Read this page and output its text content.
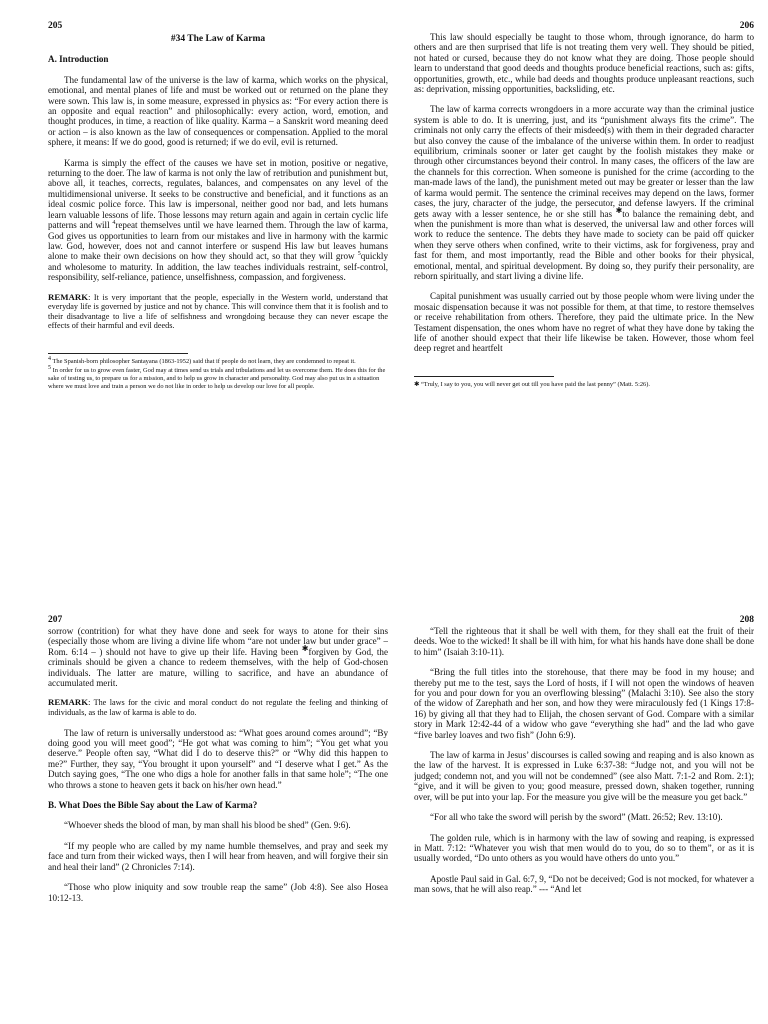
205
#34 The Law of Karma
A. Introduction

The fundamental law of the universe is the law of karma, which works on the physical, emotional, and mental planes of life and must be worked out or returned on the plane they were sown. This law is, in some measure, expressed in physics as: “For every action there is an opposite and equal reaction” and philosophically: every action, word, emotion, and thought produces, in time, a reaction of like quality. Karma – a Sanskrit word meaning deed or action – is also known as the law of consequences or compensation. Applied to the moral sphere, it means: If we do good, good is returned; if we do evil, evil is returned.

Karma is simply the effect of the causes we have set in motion, positive or negative, returning to the doer. The law of karma is not only the law of retribution and punishment but, above all, it teaches, corrects, regulates, balances, and compensates on any level of the multidimensional universe. It seeks to be constructive and beneficial, and it functions as an ideal cosmic police force. This law is impersonal, neither good nor bad, and lets humans learn valuable lessons of life. Those lessons may return again and again in certain cyclic life patterns and will $^4$repeat themselves until we have learned them. Through the law of karma, God gives us opportunities to learn from our mistakes and live in harmony with the karmic law. God, however, does not and cannot interfere or suspend His law but leaves humans alone to make their own decisions on how they should act, so that they will grow $^5$quickly and wholesome to maturity. In addition, the law teaches individuals restraint, self-control, responsibility, self-reliance, patience, unselfishness, compassion, and forgiveness.

REMARK: It is very important that the people, especially in the Western world, understand that everyday life is governed by justice and not by chance. This will convince them that it is foolish and to their disadvantage to live a life of selfishness and wrongdoing because they can never escape the effects of their harmful and evil deeds.
$^4$ The Spanish-born philosopher Santayana (1863-1952) said that if people do not learn, they are condemned to repeat it.
$^5$ In order for us to grow even faster, God may at times send us trials and tribulations and let us overcome them. He does this for the sake of testing us, to prepare us for a mission, and to help us grow in character and personality. God may also put us in a situation where we must love and train a person we do not like in order to help us develop our love for all people.
206

This law should especially be taught to those whom, through ignorance, do harm to others and are then surprised that life is not treating them very well. They should be pitied, not hated or cursed, because they do not know what they are doing. Those people should learn to understand that good deeds and thoughts produce beneficial reactions, such as: gifts, opportunities, growth, etc., while bad deeds and thoughts produce unpleasant reactions, such as: deprivation, missing opportunities, backsliding, etc.

The law of karma corrects wrongdoers in a more accurate way than the criminal justice system is able to do. It is unerring, just, and its “punishment always fits the crime”. The criminals not only carry the effects of their misdeed(s) with them in their degraded character but also convey the cause of the imbalance of the universe within them. In order to readjust equilibrium, criminals sooner or later get caught by the foolish mistakes they make or through other circumstances beyond their control. In many cases, the officers of the law are the channels for this correction. When someone is punished for the crime (according to the man-made laws of the land), the punishment meted out may be greater or lesser than the law of karma would permit. The sentence the criminal receives may depend on the laws, former cases, the jury, character of the judge, the persecutor, and defense lawyers. If the criminal gets away with a lesser sentence, he or she still has ✱to balance the remaining debt, and when the punishment is more than what is deserved, the universal law and other forces will work to reduce the sentence. The debts they have made to society can be paid off quicker when they serve others when confined, write to their victims, ask for forgiveness, pray and fast for them, and most importantly, read the Bible and other books for their physical, emotional, mental, and spiritual development. By doing so, they purify their personality, are reborn spiritually, and start living a divine life.

Capital punishment was usually carried out by those people whom were living under the mosaic dispensation because it was not possible for them, at that time, to restore themselves or receive rehabilitation from others. Therefore, they paid the ultimate price. In the New Testament dispensation, the ones whom have no regret of what they have done by taking the life of another should expect that their life likewise be taken. However, those whom feel deep regret and heartfelt

✱ “Truly, I say to you, you will never get out till you have paid the last penny” (Matt. 5:26).
207

sorrow (contrition) for what they have done and seek for ways to atone for their sins (especially those whom are living a divine life whom “are not under law but under grace” – Rom. 6:14 – ) should not have to give up their life. Having been ✱forgiven by God, the criminals should be given a chance to redeem themselves, with the help of God-chosen individuals. The latter are mature, willing to sacrifice, and have an abundance of accumulated merit.

REMARK: The laws for the civic and moral conduct do not regulate the feeling and thinking of individuals, as the law of karma is able to do.

The law of return is universally understood as: “What goes around comes around”; “By doing good you will meet good”; “He got what was coming to him”; “You get what you deserve.” People often say, “What did I do to deserve this?” or “Why did this happen to me?” Further, they say, “You brought it upon yourself” and “I deserve what I get.” As the Dutch saying goes, “The one who digs a hole for another falls in that same hole”; “The one who throws a stone to heaven gets it back on his/her own head.”

B. What Does the Bible Say about the Law of Karma?

“Whoever sheds the blood of man, by man shall his blood be shed” (Gen. 9:6).

“If my people who are called by my name humble themselves, and pray and seek my face and turn from their wicked ways, then I will hear from heaven, and will forgive their sin and heal their land” (2 Chronicles 7:14).

“Those who plow iniquity and sow trouble reap the same” (Job 4:8). See also Hosea 10:12-13.

208

“Tell the righteous that it shall be well with them, for they shall eat the fruit of their deeds. Woe to the wicked! It shall be ill with him, for what his hands have done shall be done to him” (Isaiah 3:10-11).

“Bring the full titles into the storehouse, that there may be food in my house; and thereby put me to the test, says the Lord of hosts, if I will not open the windows of heaven for you and pour down for you an overflowing blessing” (Malachi 3:10). See also the story of the widow of Zarephath and her son, and how they were miraculously fed (1 Kings 17:8-16) by giving all that they had to Elijah, the chosen servant of God. Compare with a similar story in Mark 12:42-44 of a widow who gave “everything she had” and the lad who gave “five barley loaves and two fish” (John 6:9).

The law of karma in Jesus’ discourses is called sowing and reaping and is also known as the law of the harvest. It is expressed in Luke 6:37-38: “Judge not, and you will not be judged; condemn not, and you will not be condemned” (see also Matt. 7:1-2 and Rom. 2:1); “give, and it will be given to you; good measure, pressed down, shaken together, running over, will be put into your lap. For the measure you give will be the measure you get back.”

“For all who take the sword will perish by the sword” (Matt. 26:52; Rev. 13:10).

The golden rule, which is in harmony with the law of sowing and reaping, is expressed in Matt. 7:12: “Whatever you wish that men would do to you, do so to them”, or as it is usually worded, “Do unto others as you would have others do unto you.”

Apostle Paul said in Gal. 6:7, 9, “Do not be deceived; God is not mocked, for whatever a man sows, that he will also reap.” --- “And let
